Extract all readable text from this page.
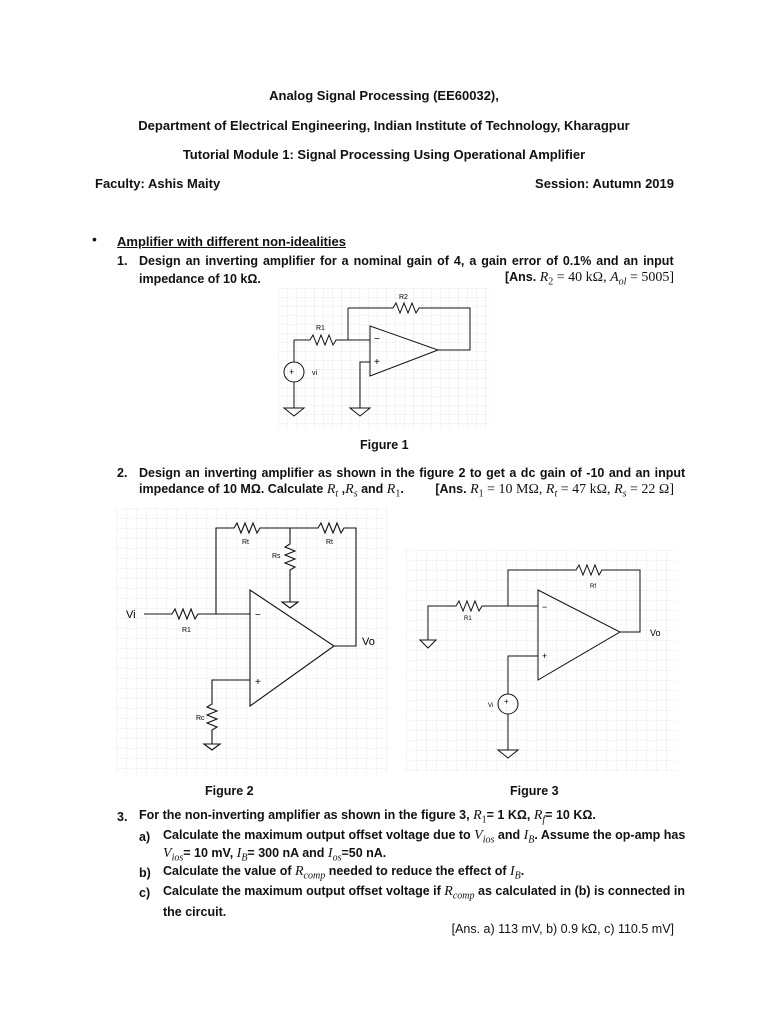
Analog Signal Processing (EE60032),
Department of Electrical Engineering, Indian Institute of Technology, Kharagpur
Tutorial Module 1: Signal Processing Using Operational Amplifier
Faculty: Ashis Maity	Session: Autumn 2019
• Amplifier with different non-idealities
1. Design an inverting amplifier for a nominal gain of 4, a gain error of 0.1% and an input
impedance of 10 kΩ.	[Ans. $R_2 = 40$ kΩ, $A_{ol} = 5005$]
R2
R1
vi
−
+
+
Figure 1
2. Design an inverting amplifier as shown in the figure 2 to get a dc gain of -10 and an input
impedance of 10 MΩ. Calculate $R_t$ $,R_s$ and $R_1$.	[Ans. $R_1 = 10$ MΩ, $R_t = 47$ kΩ, $R_s = 22$ Ω]
Vi
Vo
R1
Rt	Rt
Rs
Rc
−
+
Figure 2
Rf
R1
Vi
Vo
−
+
+
Figure 3
3. For the non-inverting amplifier as shown in the figure 3, $R_1= 1$ KΩ, $R_f= 10$ KΩ.
a) Calculate the maximum output offset voltage due to $V_{ios}$ and $I_B$. Assume the op-amp has
$V_{ios}= 10$ mV, $I_B= 300$ nA and $I_{os}=50$ nA.
b) Calculate the value of $R_{comp}$ needed to reduce the effect of $I_B$.
c) Calculate the maximum output offset voltage if $R_{comp}$ as calculated in (b) is connected in
the circuit.
[Ans. a) 113 mV, b) 0.9 kΩ, c) 110.5 mV]
